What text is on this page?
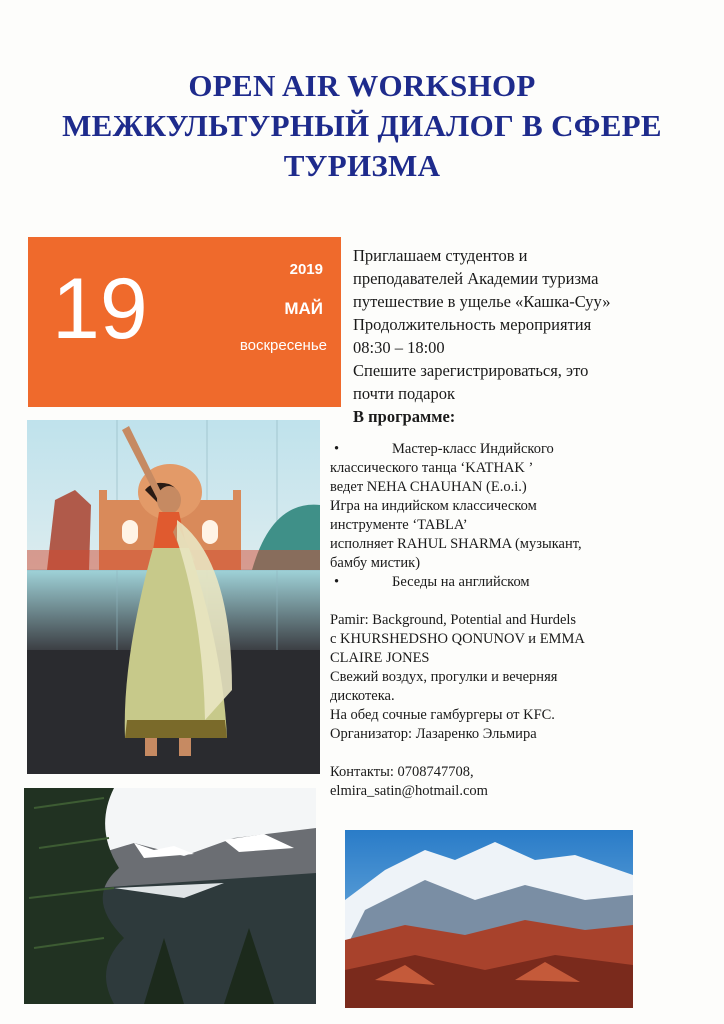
OPEN AIR WORKSHOP
МЕЖКУЛЬТУРНЫЙ ДИАЛОГ В СФЕРЕ
ТУРИЗМА
19	2019
МАЙ
воскресенье

Приглашаем студентов и

преподавателей Академии туризма

путешествие в ущелье «Кашка-Суу»

Продолжительность мероприятия

08:30 – 18:00

Спешите зарегистрироваться, это

почти подарок

В программе:

•	Мастер-класс Индийского

классического танца ‘KATHAK ’

ведет NEHA CHAUHAN (E.o.i.)

Игра на индийском классическом

инструменте ‘TABLA’

исполняет RAHUL SHARMA (музыкант,

бамбу мистик)

•	Беседы на английском

Pamir: Background, Potential and Hurdels

с KHURSHEDSHO QONUNOV и EMMA

CLAIRE JONES

Свежий воздух, прогулки и вечерняя

дискотека.

На обед сочные гамбургеры от KFC.

Организатор: Лазаренко Эльмира

Контакты: 0708747708,

elmira_satin@hotmail.com
